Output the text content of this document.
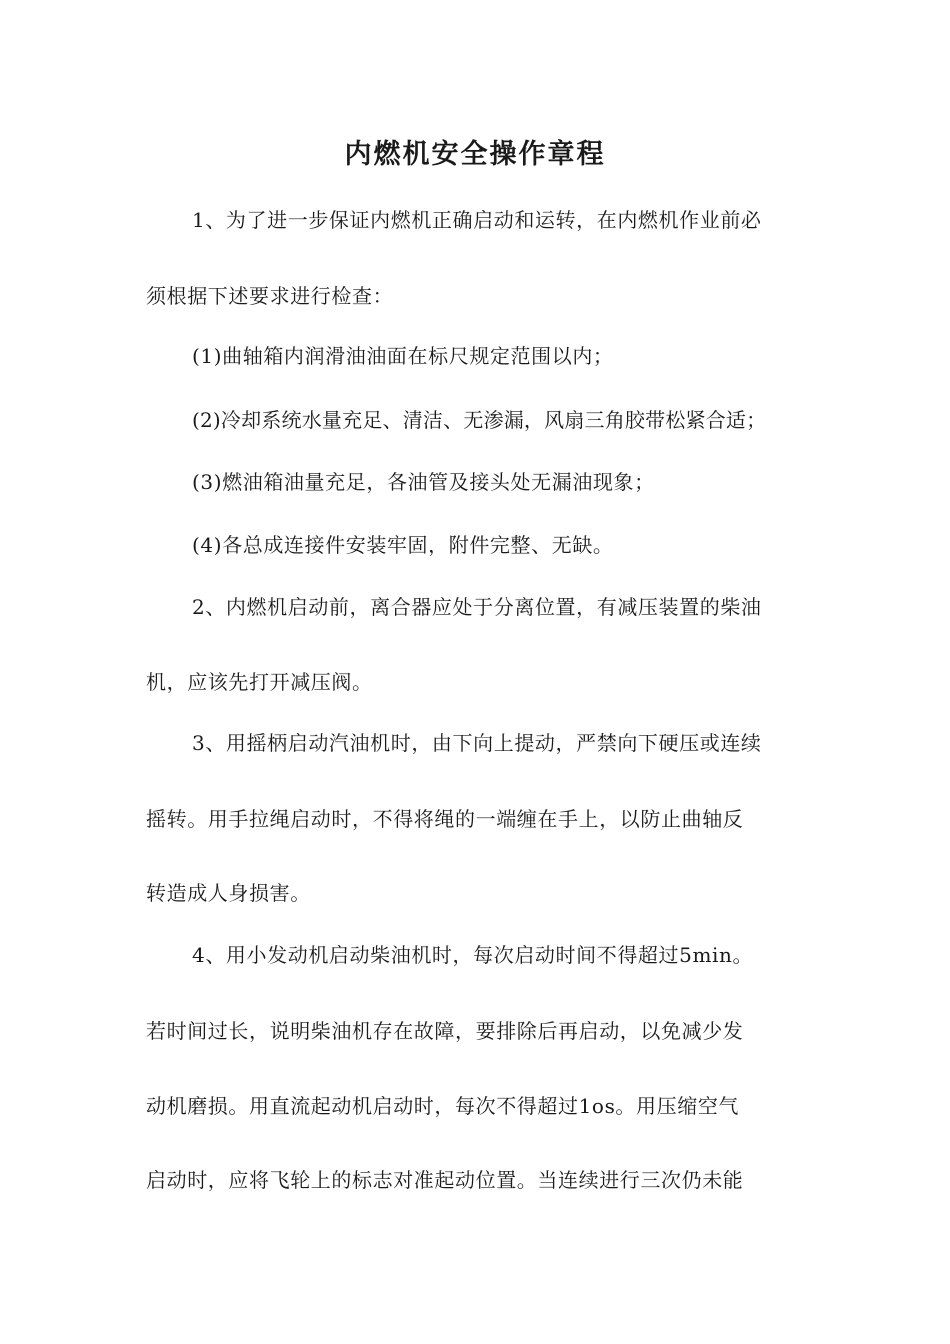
内燃机安全操作章程
1、为了进一步保证内燃机正确启动和运转，在内燃机作业前必
须根据下述要求进行检查：
(1)曲轴箱内润滑油油面在标尺规定范围以内；
(2)冷却系统水量充足、清洁、无渗漏，风扇三角胶带松紧合适；
(3)燃油箱油量充足，各油管及接头处无漏油现象；
(4)各总成连接件安装牢固，附件完整、无缺。
2、内燃机启动前，离合器应处于分离位置，有减压装置的柴油
机，应该先打开减压阀。
3、用摇柄启动汽油机时，由下向上提动，严禁向下硬压或连续
摇转。用手拉绳启动时，不得将绳的一端缠在手上，以防止曲轴反
转造成人身损害。
4、用小发动机启动柴油机时，每次启动时间不得超过5min。
若时间过长，说明柴油机存在故障，要排除后再启动，以免减少发
动机磨损。用直流起动机启动时，每次不得超过1os。用压缩空气
启动时，应将飞轮上的标志对准起动位置。当连续进行三次仍未能
